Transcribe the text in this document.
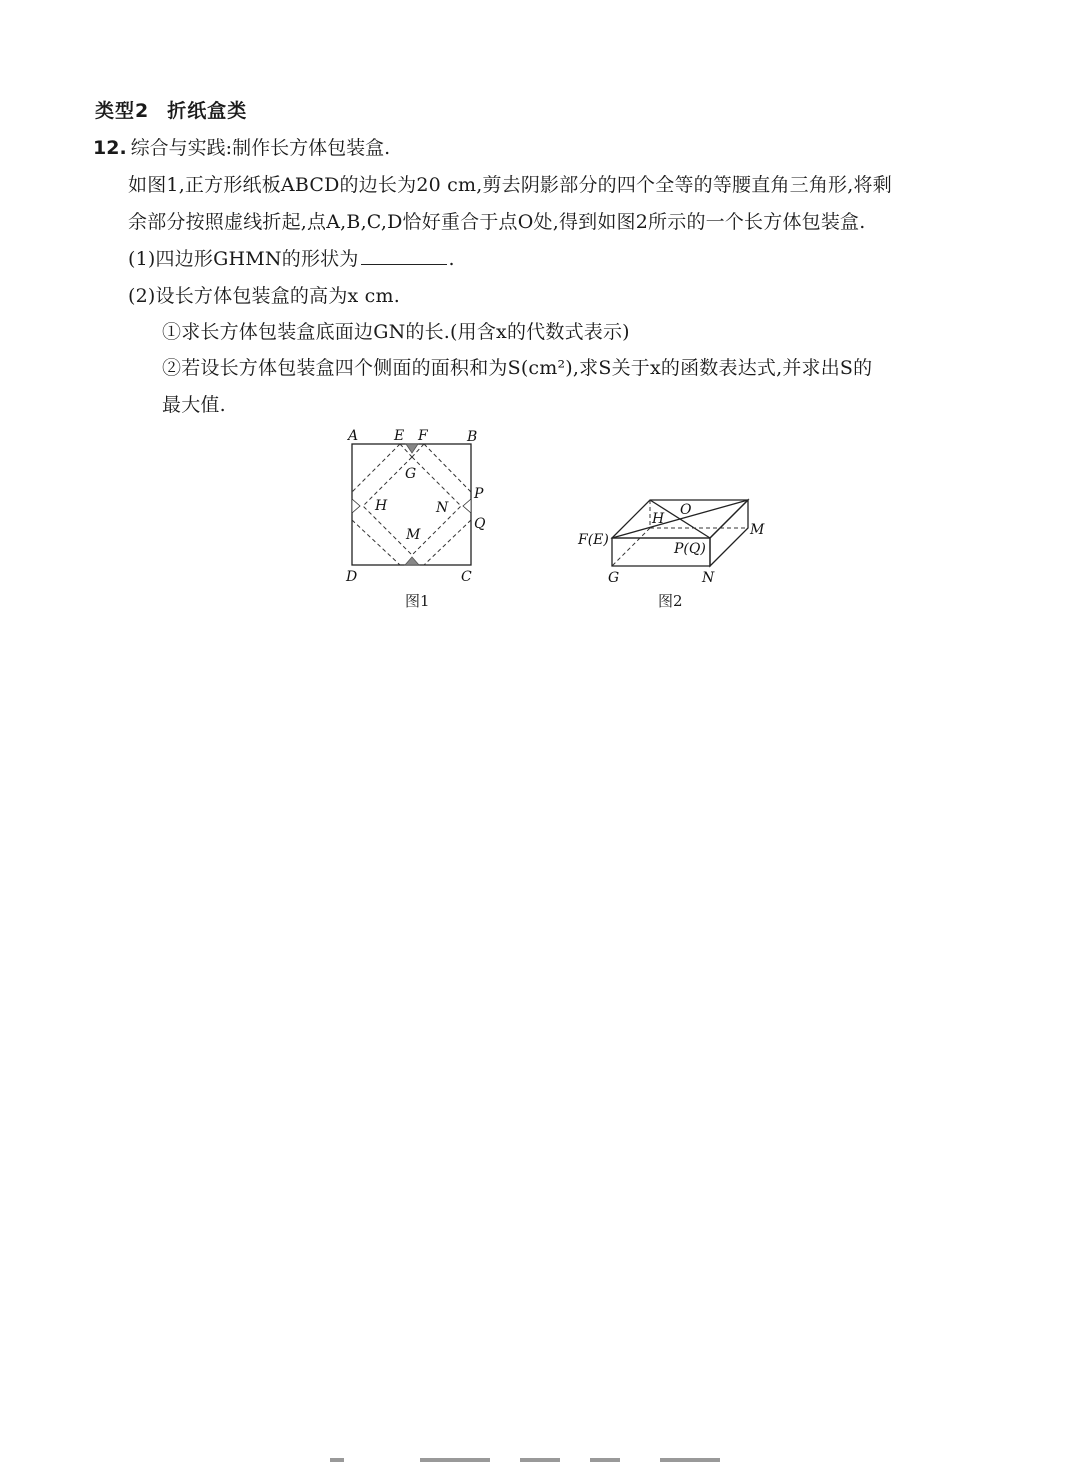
类型2 折纸盒类
12. 综合与实践:制作长方体包装盒.
如图1,正方形纸板ABCD的边长为20 cm,剪去阴影部分的四个全等的等腰直角三角形,将剩
余部分按照虚线折起,点A,B,C,D恰好重合于点O处,得到如图2所示的一个长方体包装盒.
(1)四边形GHMN的形状为	.
(2)设长方体包装盒的高为x cm.
①求长方体包装盒底面边GN的长.(用含x的代数式表示)
②若设长方体包装盒四个侧面的面积和为S(cm²),求S关于x的函数表达式,并求出S的
最大值.
A	E F	B
G
H	N
P
Q
M
D	C
图1
H
O
M
F(E)
P(Q)
G	N
图2
